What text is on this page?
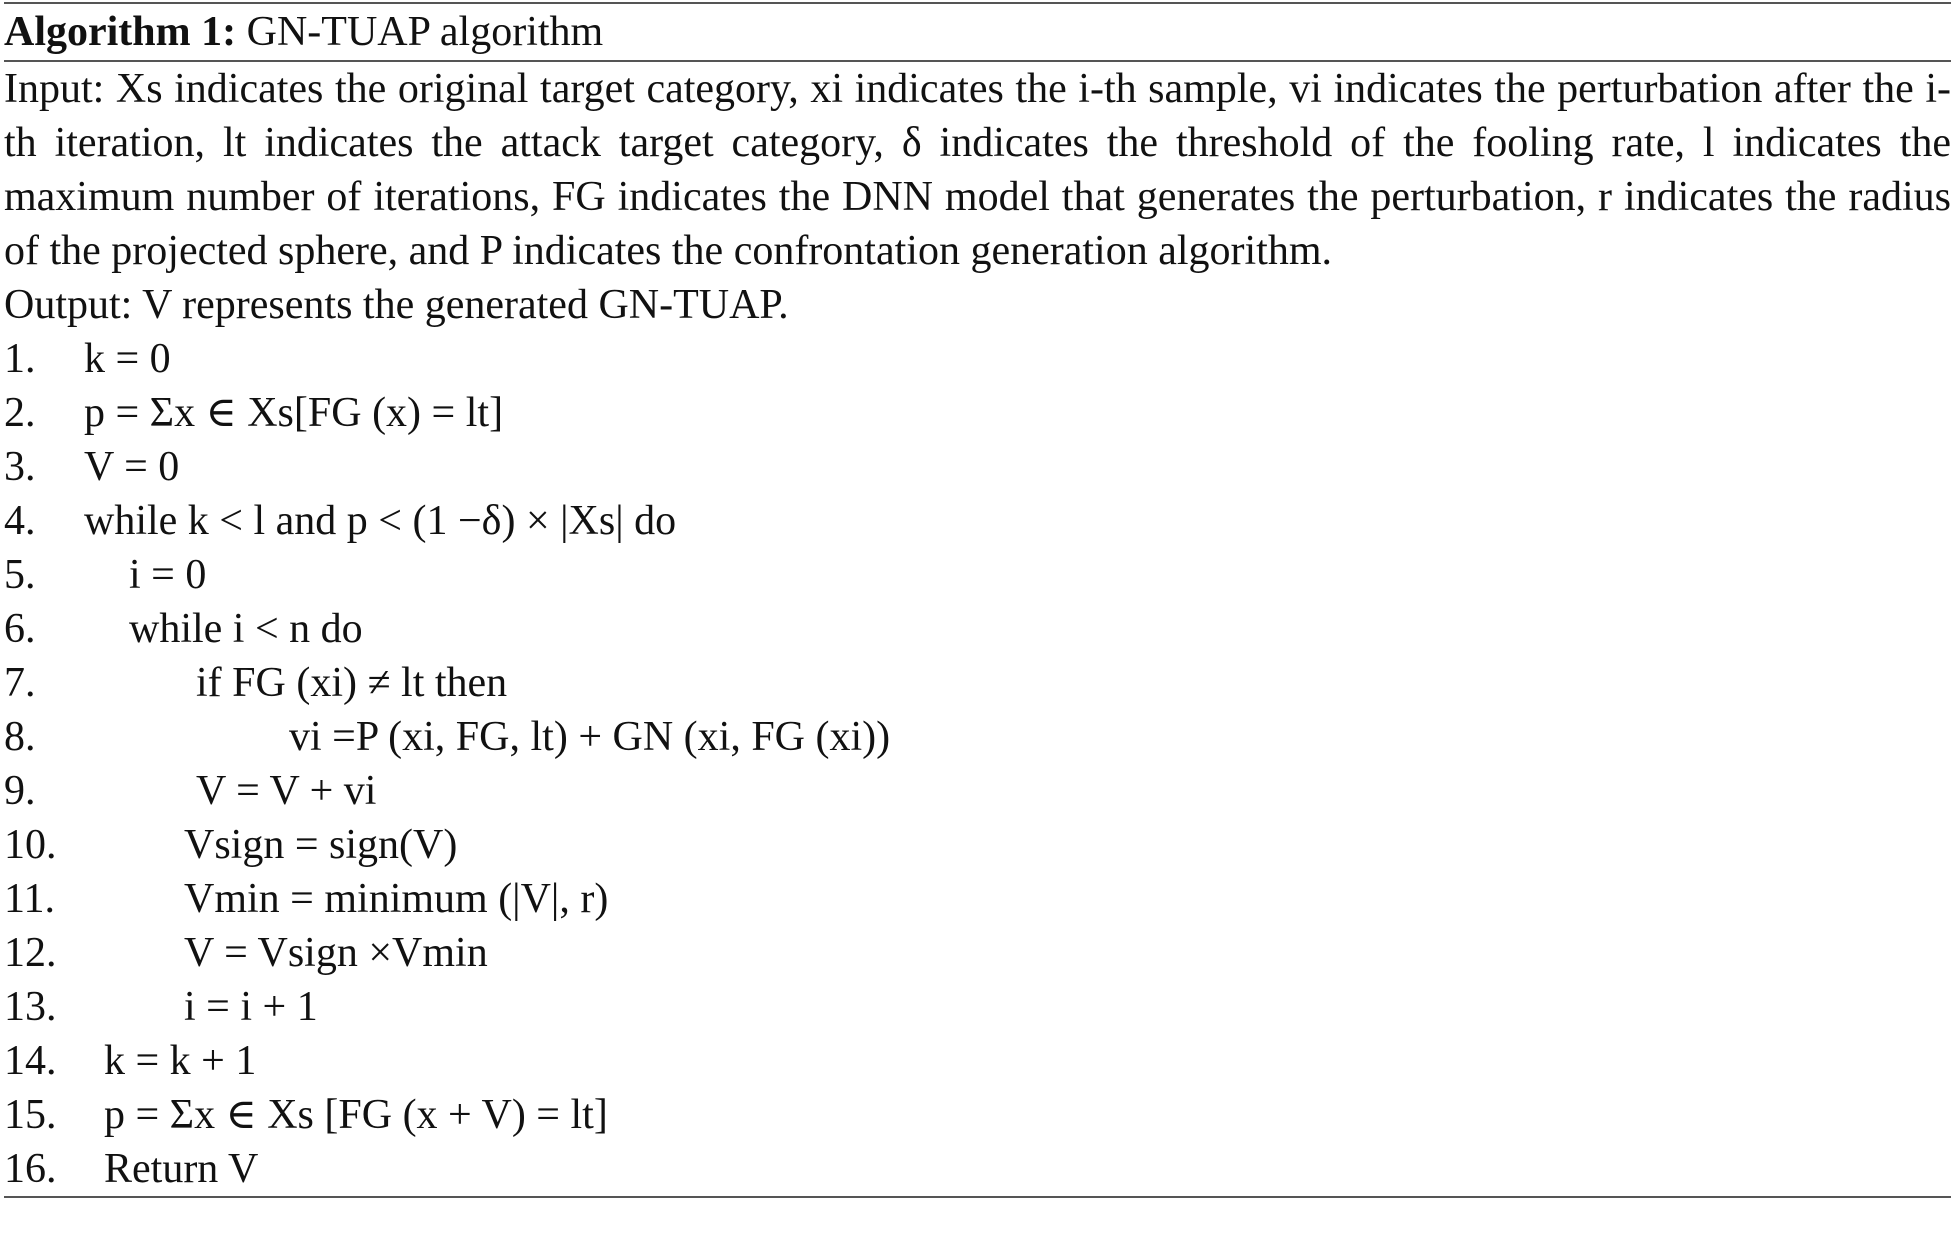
Algorithm 1: GN-TUAP algorithm
Input: Xs indicates the original target category, xi indicates the i-th sample, vi indicates the perturbation after the i-th iteration, lt indicates the attack target category, δ indicates the threshold of the fooling rate, l indicates the maximum number of iterations, FG indicates the DNN model that generates the perturbation, r indicates the radius of the projected sphere, and P indicates the confrontation generation algorithm.
Output: V represents the generated GN-TUAP.
1.	k = 0
2.	p = Σx ∈ Xs[FG (x) = lt]
3.	V = 0
4.	while k < l and p < (1 −δ) × |Xs| do
5.	i = 0
6.	while i < n do
7.	if FG (xi) ≠ lt then
8.	vi =P (xi, FG, lt) + GN (xi, FG (xi))
9.	V = V + vi
10.	Vsign = sign(V)
11.	Vmin = minimum (|V|, r)
12.	V = Vsign ×Vmin
13.	i = i + 1
14.	k = k + 1
15.	p = Σx ∈ Xs [FG (x + V) = lt]
16.	Return V
